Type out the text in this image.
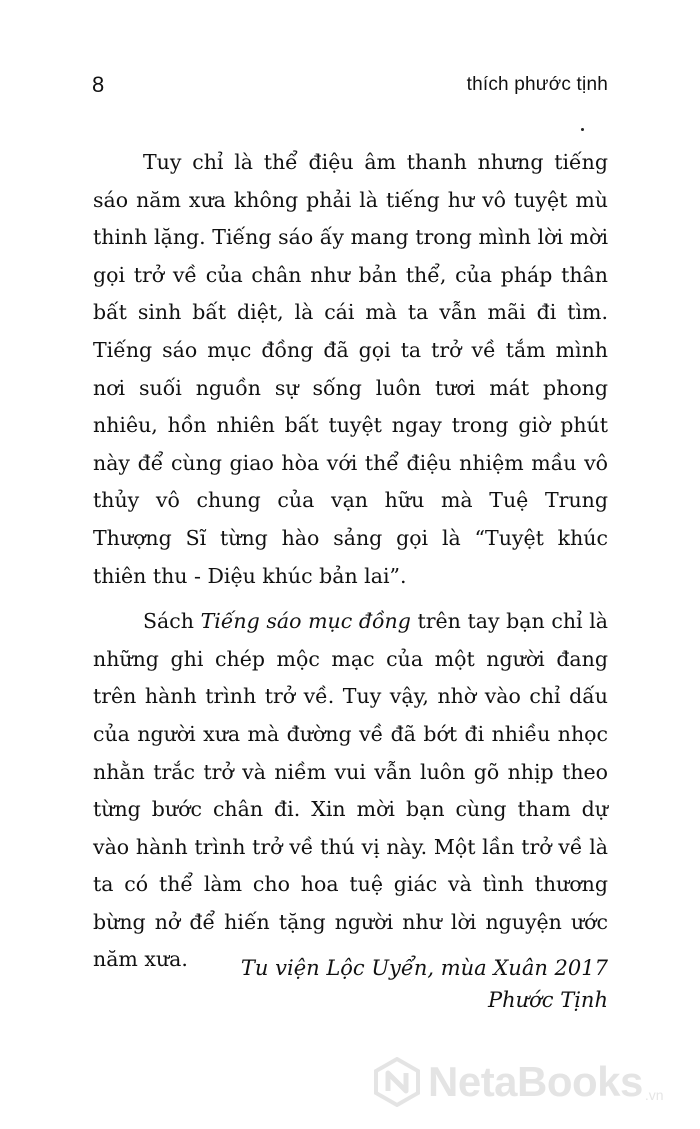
8	thích phước tịnh

Tuy chỉ là thể điệu âm thanh nhưng tiếng sáo năm xưa không phải là tiếng hư vô tuyệt mù thinh lặng. Tiếng sáo ấy mang trong mình lời mời gọi trở về của chân như bản thể, của pháp thân bất sinh bất diệt, là cái mà ta vẫn mãi đi tìm. Tiếng sáo mục đồng đã gọi ta trở về tắm mình nơi suối nguồn sự sống luôn tươi mát phong nhiêu, hồn nhiên bất tuyệt ngay trong giờ phút này để cùng giao hòa với thể điệu nhiệm mầu vô thủy vô chung của vạn hữu mà Tuệ Trung Thượng Sĩ từng hào sảng gọi là “Tuyệt khúc thiên thu - Diệu khúc bản lai”.

Sách Tiếng sáo mục đồng trên tay bạn chỉ là những ghi chép mộc mạc của một người đang trên hành trình trở về. Tuy vậy, nhờ vào chỉ dấu của người xưa mà đường về đã bớt đi nhiều nhọc nhằn trắc trở và niềm vui vẫn luôn gõ nhịp theo từng bước chân đi. Xin mời bạn cùng tham dự vào hành trình trở về thú vị này. Một lần trở về là ta có thể làm cho hoa tuệ giác và tình thương bừng nở để hiến tặng người như lời nguyện ước năm xưa.	Tu viện Lộc Uyển, mùa Xuân 2017
Phước Tịnh
NetaBooks .vn
